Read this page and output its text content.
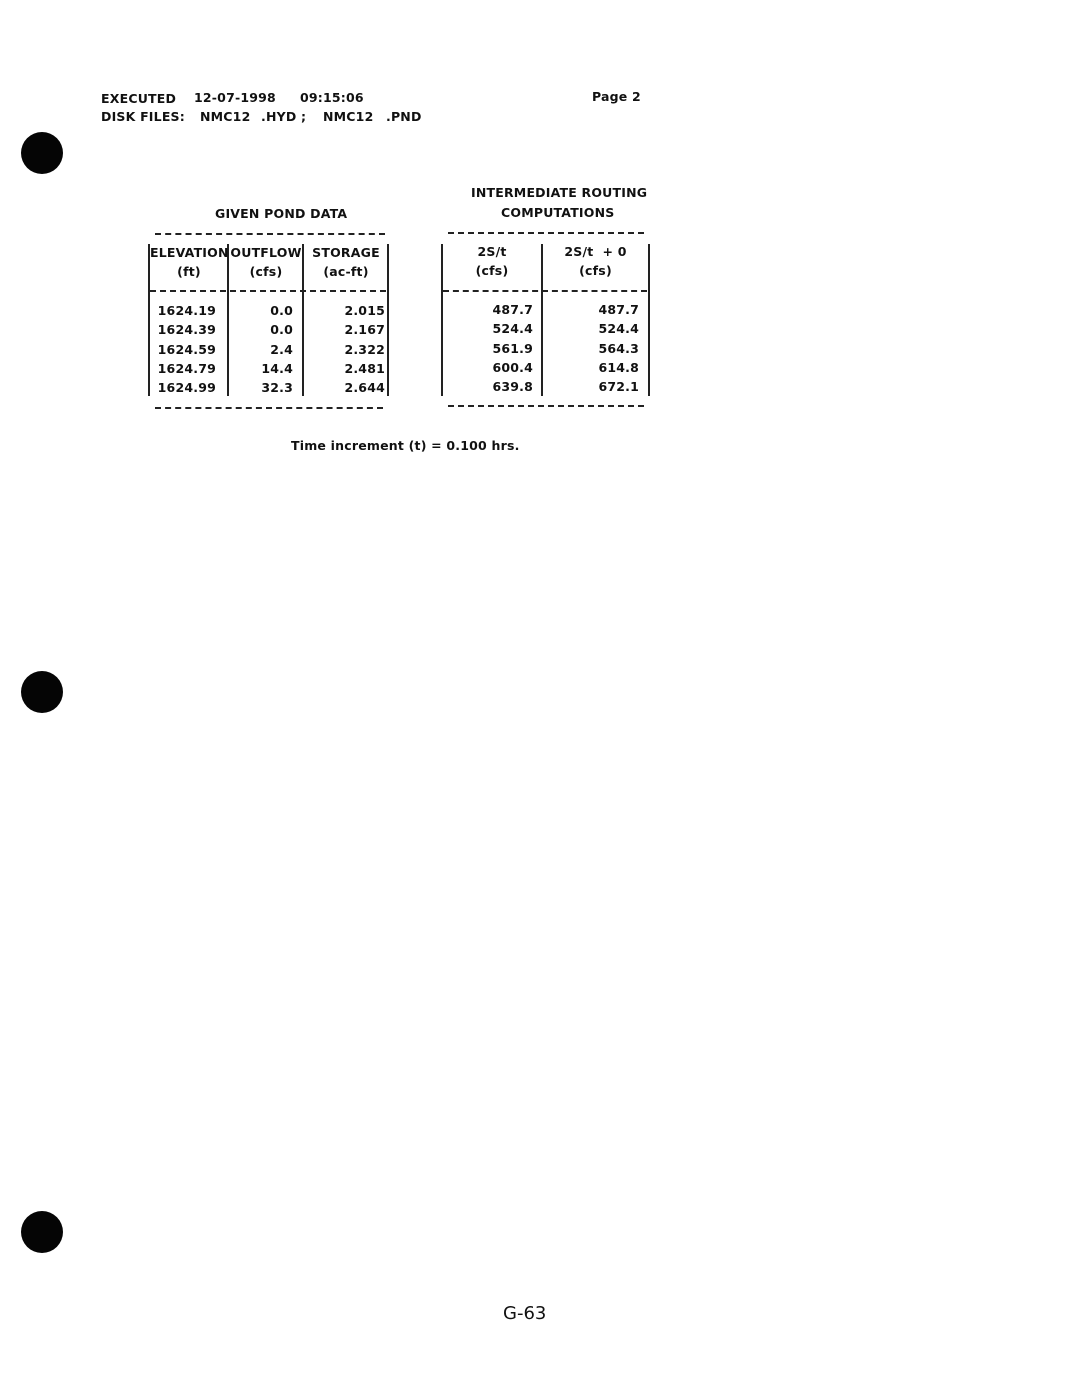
EXECUTED 12-07-1998 09:15:06	Page 2
DISK FILES: NMC12 .HYD ; NMC12 .PND
GIVEN POND DATA
ELEVATION OUTFLOW STORAGE
(ft)	(cfs)	(ac-ft)
1624.19	0.0	2.015
1624.39	0.0	2.167
1624.59	2.4	2.322
1624.79	14.4	2.481
1624.99	32.3	2.644
INTERMEDIATE ROUTING
COMPUTATIONS
2S/t	2S/t  + 0
(cfs)	(cfs)
487.7	487.7
524.4	524.4
561.9	564.3
600.4	614.8
639.8	672.1
Time increment (t) = 0.100 hrs.
G-63
